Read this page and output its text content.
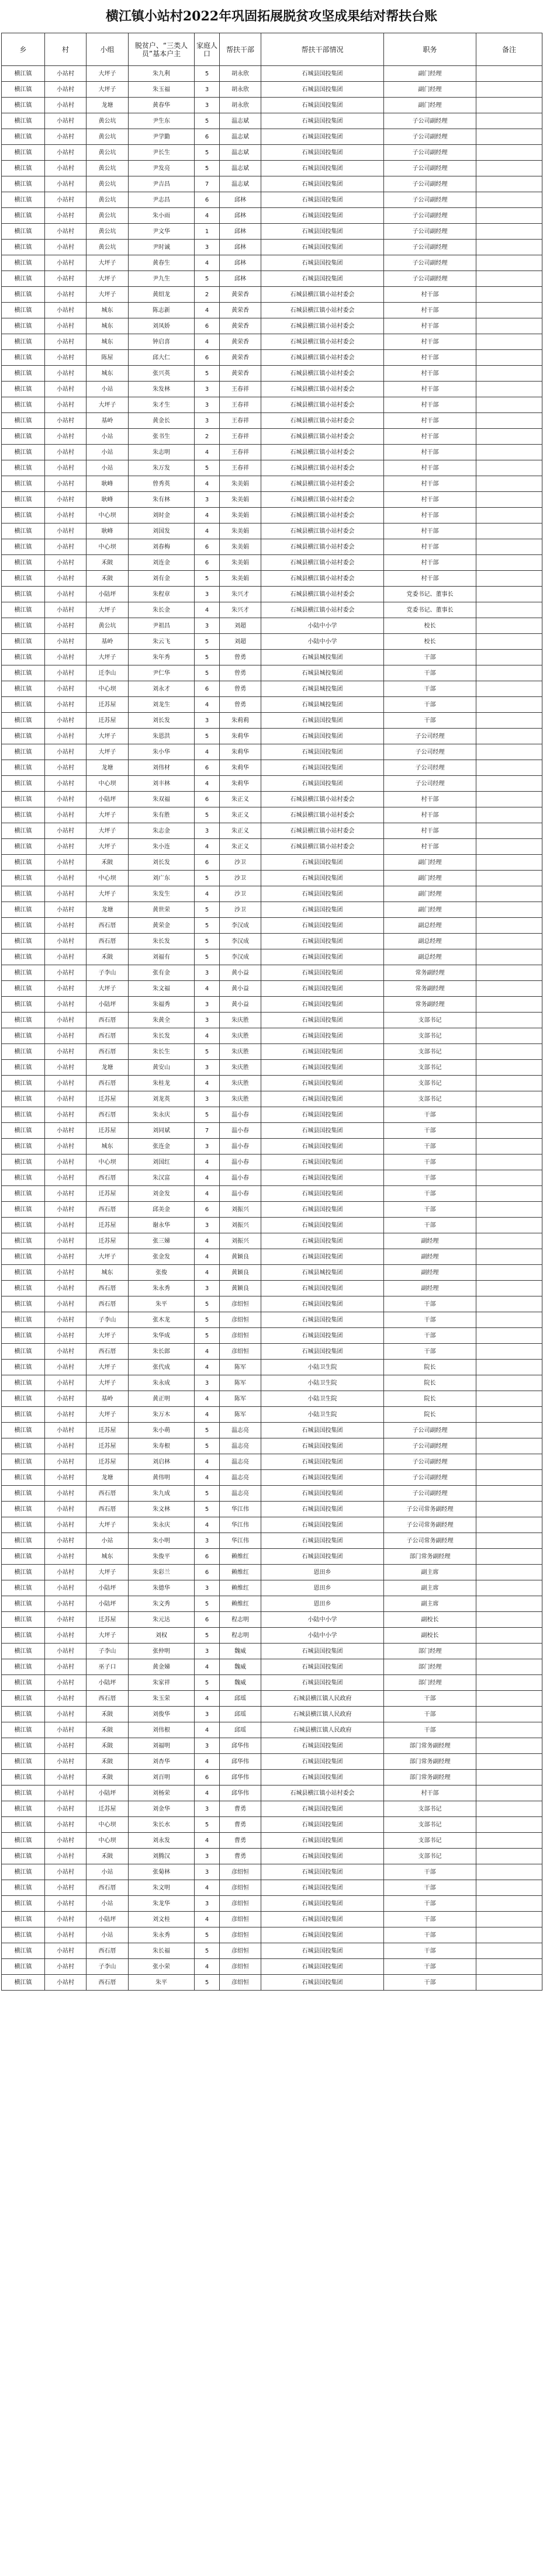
横江镇小站村2022年巩固拓展脱贫攻坚成果结对帮扶台账
乡	村	小组	脱贫户、“三类人员”基本户主	家庭人口	帮扶干部	帮扶干部情况	职务	备注
横江镇	小站村	大坪子	朱九利	5	胡永欣	石城县国投集团	副门经理	
横江镇	小站村	大坪子	朱玉福	3	胡永欣	石城县国投集团	副门经理	
横江镇	小站村	龙塘	黄春华	3	胡永欣	石城县国投集团	副门经理	
横江镇	小站村	黄公坑	尹生东	5	温志斌	石城县国投集团	子公司副经理	
横江镇	小站村	黄公坑	尹学勤	6	温志斌	石城县国投集团	子公司副经理	
横江镇	小站村	黄公坑	尹长生	5	温志斌	石城县国投集团	子公司副经理	
横江镇	小站村	黄公坑	尹发亮	5	温志斌	石城县国投集团	子公司副经理	
横江镇	小站村	黄公坑	尹吉昌	7	温志斌	石城县国投集团	子公司副经理	
横江镇	小站村	黄公坑	尹志昌	6	邱林	石城县国投集团	子公司副经理	
横江镇	小站村	黄公坑	朱小雨	4	邱林	石城县国投集团	子公司副经理	
横江镇	小站村	黄公坑	尹文华	1	邱林	石城县国投集团	子公司副经理	
横江镇	小站村	黄公坑	尹时诚	3	邱林	石城县国投集团	子公司副经理	
横江镇	小站村	大坪子	黄春生	4	邱林	石城县国投集团	子公司副经理	
横江镇	小站村	大坪子	尹九生	5	邱林	石城县国投集团	子公司副经理	
横江镇	小站村	大坪子	黄绍龙	2	黄荣香	石城县横江镇小站村委会	村干部	
横江镇	小站村	城东	陈志新	4	黄荣香	石城县横江镇小站村委会	村干部	
横江镇	小站村	城东	刘凤娇	6	黄荣香	石城县横江镇小站村委会	村干部	
横江镇	小站村	城东	钟启喜	4	黄荣香	石城县横江镇小站村委会	村干部	
横江镇	小站村	陈屋	邱大仁	6	黄荣香	石城县横江镇小站村委会	村干部	
横江镇	小站村	城东	张兴英	5	黄荣香	石城县横江镇小站村委会	村干部	
横江镇	小站村	小站	朱发林	3	王春祥	石城县横江镇小站村委会	村干部	
横江镇	小站村	大坪子	朱才生	3	王春祥	石城县横江镇小站村委会	村干部	
横江镇	小站村	基岭	黄金长	3	王春祥	石城县横江镇小站村委会	村干部	
横江镇	小站村	小站	张书生	2	王春祥	石城县横江镇小站村委会	村干部	
横江镇	小站村	小站	朱志明	4	王春祥	石城县横江镇小站村委会	村干部	
横江镇	小站村	小站	朱万发	5	王春祥	石城县横江镇小站村委会	村干部	
横江镇	小站村	耿峰	曾秀英	4	朱美娟	石城县横江镇小站村委会	村干部	
横江镇	小站村	耿峰	朱有林	3	朱美娟	石城县横江镇小站村委会	村干部	
横江镇	小站村	中心坝	刘时金	4	朱美娟	石城县横江镇小站村委会	村干部	
横江镇	小站村	耿峰	刘国发	4	朱美娟	石城县横江镇小站村委会	村干部	
横江镇	小站村	中心坝	刘春梅	6	朱美娟	石城县横江镇小站村委会	村干部	
横江镇	小站村	禾陂	刘连金	6	朱美娟	石城县横江镇小站村委会	村干部	
横江镇	小站村	禾陂	刘有金	5	朱美娟	石城县横江镇小站村委会	村干部	
横江镇	小站村	小陆坪	朱程章	3	朱兴才	石城县横江镇小站村委会	党委书记、董事长	
横江镇	小站村	大坪子	朱长金	4	朱兴才	石城县横江镇小站村委会	党委书记、董事长	
横江镇	小站村	黄公坑	尹祖昌	3	刘超	小陆中小学	校长	
横江镇	小站村	基岭	朱云飞	5	刘超	小陆中小学	校长	
横江镇	小站村	大坪子	朱年秀	5	曾勇	石城县城投集团	干部	
横江镇	小站村	迁李山	尹仁华	5	曾勇	石城县城投集团	干部	
横江镇	小站村	中心坝	刘永才	6	曾勇	石城县城投集团	干部	
横江镇	小站村	迁苏屋	刘龙生	4	曾勇	石城县城投集团	干部	
横江镇	小站村	迁苏屋	刘长发	3	朱莉莉	石城县国投集团	干部	
横江镇	小站村	大坪子	朱恩洪	5	朱莉华	石城县国投集团	子公司经理	
横江镇	小站村	大坪子	朱小华	4	朱莉华	石城县国投集团	子公司经理	
横江镇	小站村	龙塘	刘伟材	6	朱莉华	石城县国投集团	子公司经理	
横江镇	小站村	中心坝	刘丰林	4	朱莉华	石城县国投集团	子公司经理	
横江镇	小站村	小陆坪	朱双福	6	朱正义	石城县横江镇小站村委会	村干部	
横江镇	小站村	大坪子	朱有胜	5	朱正义	石城县横江镇小站村委会	村干部	
横江镇	小站村	大坪子	朱志金	3	朱正义	石城县横江镇小站村委会	村干部	
横江镇	小站村	大坪子	朱小连	4	朱正义	石城县横江镇小站村委会	村干部	
横江镇	小站村	禾陂	刘长发	6	沙卫	石城县国投集团	副门经理	
横江镇	小站村	中心坝	刘广东	5	沙卫	石城县国投集团	副门经理	
横江镇	小站村	大坪子	朱发生	4	沙卫	石城县国投集团	副门经理	
横江镇	小站村	龙塘	黄世荣	5	沙卫	石城县国投集团	副门经理	
横江镇	小站村	西石厝	黄荣金	5	李汉成	石城县国投集团	副总经理	
横江镇	小站村	西石厝	朱长发	5	李汉成	石城县国投集团	副总经理	
横江镇	小站村	禾陂	刘福有	5	李汉成	石城县国投集团	副总经理	
横江镇	小站村	子李山	张有金	3	黄小益	石城县国投集团	常务副经理	
横江镇	小站村	大坪子	朱文福	4	黄小益	石城县国投集团	常务副经理	
横江镇	小站村	小陆坪	朱福秀	3	黄小益	石城县国投集团	常务副经理	
横江镇	小站村	西石厝	朱黄全	3	朱庆胜	石城县国投集团	支部书记	
横江镇	小站村	西石厝	朱长发	4	朱庆胜	石城县国投集团	支部书记	
横江镇	小站村	西石厝	朱长生	5	朱庆胜	石城县国投集团	支部书记	
横江镇	小站村	龙塘	黄安山	3	朱庆胜	石城县国投集团	支部书记	
横江镇	小站村	西石厝	朱桂龙	4	朱庆胜	石城县国投集团	支部书记	
横江镇	小站村	迁苏屋	刘龙英	3	朱庆胜	石城县国投集团	支部书记	
横江镇	小站村	西石厝	朱永庆	5	温小春	石城县国投集团	干部	
横江镇	小站村	迁苏屋	刘同斌	7	温小春	石城县国投集团	干部	
横江镇	小站村	城东	张连金	3	温小春	石城县国投集团	干部	
横江镇	小站村	中心坝	刘国红	4	温小春	石城县国投集团	干部	
横江镇	小站村	西石厝	朱汉富	4	温小春	石城县国投集团	干部	
横江镇	小站村	迁苏屋	刘金发	4	温小春	石城县国投集团	干部	
横江镇	小站村	西石厝	邱美金	6	刘振兴	石城县国投集团	干部	
横江镇	小站村	迁苏屋	谢永华	3	刘振兴	石城县国投集团	干部	
横江镇	小站村	迁苏屋	张三娣	4	刘振兴	石城县国投集团	副经理	
横江镇	小站村	大坪子	张金发	4	黄颖良	石城县国投集团	副经理	
横江镇	小站村	城东	张俊	4	黄颖良	石城县城投集团	副经理	
横江镇	小站村	西石厝	朱永秀	3	黄颖良	石城县国投集团	副经理	
横江镇	小站村	西石厝	朱平	5	彦绍恒	石城县国投集团	干部	
横江镇	小站村	子李山	张木龙	5	彦绍恒	石城县国投集团	干部	
横江镇	小站村	大坪子	朱华成	5	彦绍恒	石城县国投集团	干部	
横江镇	小站村	西石厝	朱长郎	4	彦绍恒	石城县国投集团	干部	
横江镇	小站村	大坪子	张代成	4	陈军	小陆卫生院	院长	
横江镇	小站村	大坪子	朱永成	3	陈军	小陆卫生院	院长	
横江镇	小站村	基岭	黄正明	4	陈军	小陆卫生院	院长	
横江镇	小站村	大坪子	朱万木	4	陈军	小陆卫生院	院长	
横江镇	小站村	迁苏屋	朱小萌	5	温志亮	石城县国投集团	子公司副经理	
横江镇	小站村	迁苏屋	朱寿根	5	温志亮	石城县国投集团	子公司副经理	
横江镇	小站村	迁苏屋	刘启林	4	温志亮	石城县国投集团	子公司副经理	
横江镇	小站村	龙塘	黄伟明	4	温志亮	石城县国投集团	子公司副经理	
横江镇	小站村	西石厝	朱九成	5	温志亮	石城县国投集团	子公司副经理	
横江镇	小站村	西石厝	朱文林	5	华江伟	石城县国投集团	子公司常务副经理	
横江镇	小站村	大坪子	朱永庆	4	华江伟	石城县国投集团	子公司常务副经理	
横江镇	小站村	小站	朱小明	3	华江伟	石城县国投集团	子公司常务副经理	
横江镇	小站村	城东	朱俊平	6	赖维红	石城县国投集团	部门常务副经理	
横江镇	小站村	大坪子	朱彩兰	6	赖维红	恩田乡	副主席	
横江镇	小站村	小陆坪	朱德华	3	赖维红	恩田乡	副主席	
横江镇	小站村	小陆坪	朱文秀	5	赖维红	恩田乡	副主席	
横江镇	小站村	迁苏屋	朱元达	6	程志明	小陆中小学	副校长	
横江镇	小站村	大坪子	刘权	5	程志明	小陆中小学	副校长	
横江镇	小站村	子李山	张仲明	3	魏威	石城县国投集团	部门经理	
横江镇	小站村	巫子口	黄金娣	4	魏威	石城县国投集团	部门经理	
横江镇	小站村	小陆坪	朱家祥	5	魏威	石城县国投集团	部门经理	
横江镇	小站村	西石厝	朱玉荣	4	邱瑶	石城县横江镇人民政府	干部	
横江镇	小站村	禾陂	刘俊华	3	邱瑶	石城县横江镇人民政府	干部	
横江镇	小站村	禾陂	刘伟根	4	邱瑶	石城县横江镇人民政府	干部	
横江镇	小站村	禾陂	刘福明	3	邱华伟	石城县国投集团	部门常务副经理	
横江镇	小站村	禾陂	刘杏华	4	邱华伟	石城县国投集团	部门常务副经理	
横江镇	小站村	禾陂	刘百明	6	邱华伟	石城县国投集团	部门常务副经理	
横江镇	小站村	小陆坪	刘杨荣	4	邱华伟	石城县横江镇小站村委会	村干部	
横江镇	小站村	迁苏屋	刘金华	3	曹勇	石城县国投集团	支部书记	
横江镇	小站村	中心坝	朱长水	5	曹勇	石城县国投集团	支部书记	
横江镇	小站村	中心坝	刘永发	4	曹勇	石城县国投集团	支部书记	
横江镇	小站村	禾陂	刘腾汉	3	曹勇	石城县国投集团	支部书记	
横江镇	小站村	小站	张菊林	3	彦绍恒	石城县国投集团	干部	
横江镇	小站村	西石厝	朱文明	4	彦绍恒	石城县国投集团	干部	
横江镇	小站村	小站	朱龙华	3	彦绍恒	石城县国投集团	干部	
横江镇	小站村	小陆坪	刘文桂	4	彦绍恒	石城县国投集团	干部	
横江镇	小站村	小站	朱永秀	5	彦绍恒	石城县国投集团	干部	
横江镇	小站村	西石厝	朱长福	5	彦绍恒	石城县国投集团	干部	
横江镇	小站村	子李山	张小荣	4	彦绍恒	石城县国投集团	干部	
横江镇	小站村	西石厝	朱平	5	彦绍恒	石城县国投集团	干部	
